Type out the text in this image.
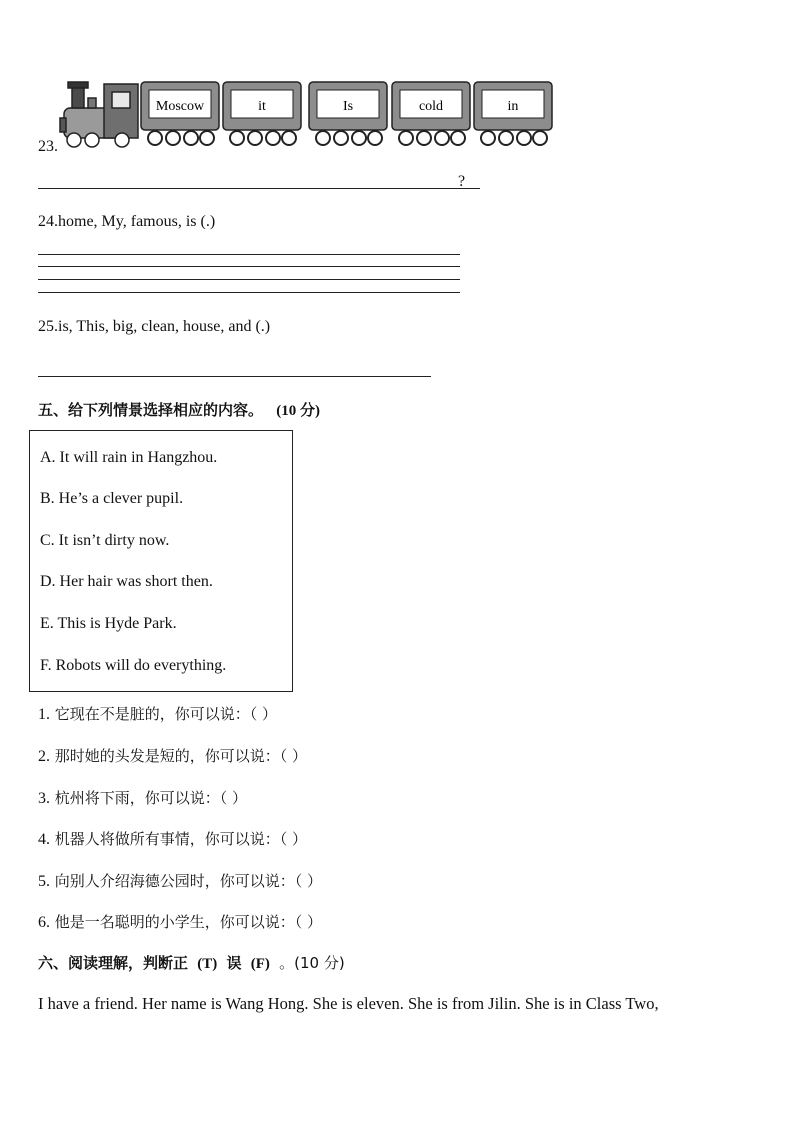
23.
Moscow	it	Is	cold	in
?
24.home, My, famous, is (.)
25.is, This, big, clean, house, and (.)
五、给下列情景选择相应的内容。 (10 分)
A. It will rain in Hangzhou.
B. He’s a clever pupil.
C. It isn’t dirty now.
D. Her hair was short then.
E. This is Hyde Park.
F. Robots will do everything.
1. 它现在不是脏的，你可以说：（ ）
2. 那时她的头发是短的，你可以说：（ ）
3. 杭州将下雨，你可以说：（ ）
4. 机器人将做所有事情，你可以说：（ ）
5. 向别人介绍海德公园时，你可以说：（ ）
6. 他是一名聪明的小学生，你可以说：（ ）
六、阅读理解，判断正 (T) 误 (F) 。(10 分)
I have a friend. Her name is Wang Hong. She is eleven. She is from Jilin. She is in Class Two,
